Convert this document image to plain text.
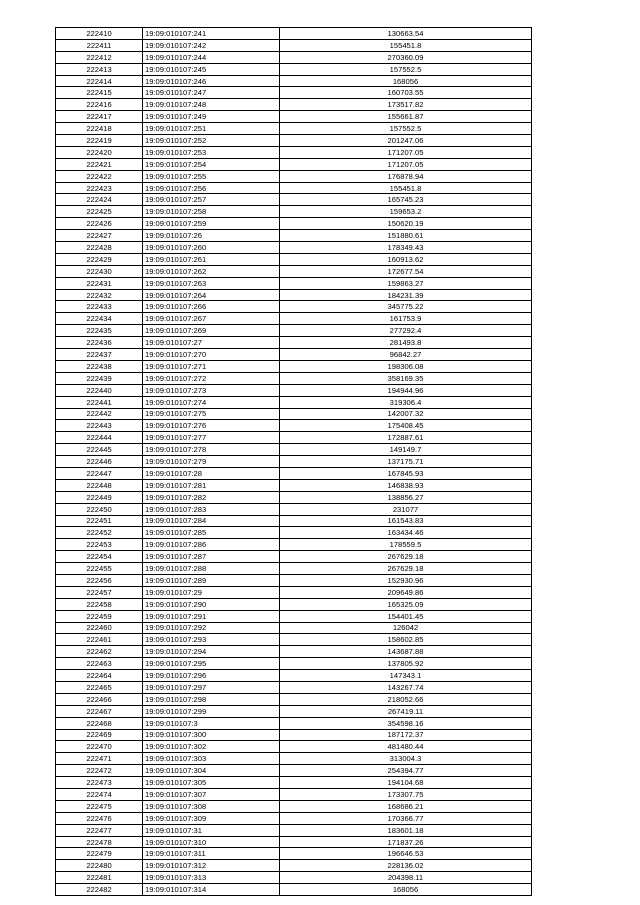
222410	19:09:010107:241	130663.54
222411	19:09:010107:242	155451.8
222412	19:09:010107:244	270360.09
222413	19:09:010107:245	157552.5
222414	19:09:010107:246	168056
222415	19:09:010107:247	160703.55
222416	19:09:010107:248	173517.82
222417	19:09:010107:249	155661.87
222418	19:09:010107:251	157552.5
222419	19:09:010107:252	201247.06
222420	19:09:010107:253	171207.05
222421	19:09:010107:254	171207.05
222422	19:09:010107:255	176878.94
222423	19:09:010107:256	155451.8
222424	19:09:010107:257	165745.23
222425	19:09:010107:258	159653.2
222426	19:09:010107:259	150620.19
222427	19:09:010107:26	151880.61
222428	19:09:010107:260	178349.43
222429	19:09:010107:261	160913.62
222430	19:09:010107:262	172677.54
222431	19:09:010107:263	159863.27
222432	19:09:010107:264	184231.39
222433	19:09:010107:266	345775.22
222434	19:09:010107:267	161753.9
222435	19:09:010107:269	277292.4
222436	19:09:010107:27	281493.8
222437	19:09:010107:270	96842.27
222438	19:09:010107:271	198306.08
222439	19:09:010107:272	358169.35
222440	19:09:010107:273	194944.96
222441	19:09:010107:274	319306.4
222442	19:09:010107:275	142007.32
222443	19:09:010107:276	175408.45
222444	19:09:010107:277	172887.61
222445	19:09:010107:278	149149.7
222446	19:09:010107:279	137175.71
222447	19:09:010107:28	167845.93
222448	19:09:010107:281	146838.93
222449	19:09:010107:282	138856.27
222450	19:09:010107:283	231077
222451	19:09:010107:284	161543.83
222452	19:09:010107:285	163434.46
222453	19:09:010107:286	178559.5
222454	19:09:010107:287	267629.18
222455	19:09:010107:288	267629.18
222456	19:09:010107:289	152930.96
222457	19:09:010107:29	209649.86
222458	19:09:010107:290	165325.09
222459	19:09:010107:291	154401.45
222460	19:09:010107:292	126042
222461	19:09:010107:293	158602.85
222462	19:09:010107:294	143687.88
222463	19:09:010107:295	137805.92
222464	19:09:010107:296	147343.1
222465	19:09:010107:297	143267.74
222466	19:09:010107:298	218052.66
222467	19:09:010107:299	267419.11
222468	19:09:010107:3	354598.16
222469	19:09:010107:300	187172.37
222470	19:09:010107:302	481480.44
222471	19:09:010107:303	313004.3
222472	19:09:010107:304	254394.77
222473	19:09:010107:305	194104.68
222474	19:09:010107:307	173307.75
222475	19:09:010107:308	168686.21
222476	19:09:010107:309	170366.77
222477	19:09:010107:31	183601.18
222478	19:09:010107:310	171837.26
222479	19:09:010107:311	196646.53
222480	19:09:010107:312	228136.02
222481	19:09:010107:313	204398.11
222482	19:09:010107:314	168056
